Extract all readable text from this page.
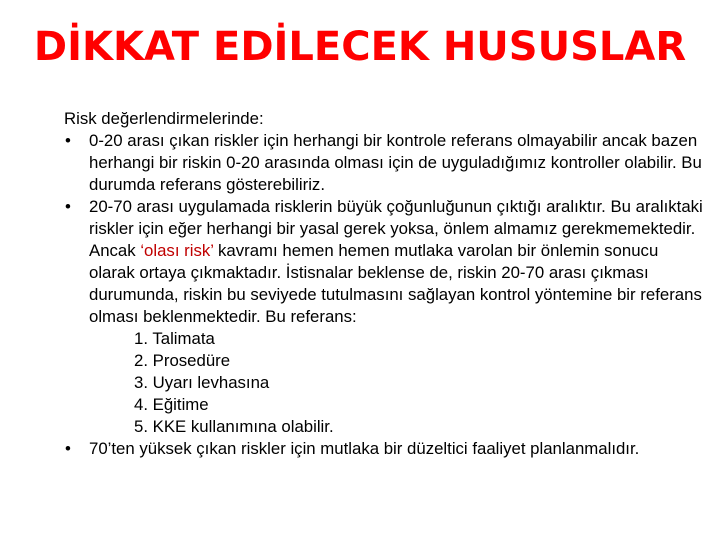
DİKKAT EDİLECEK HUSUSLAR

Risk değerlendirmelerinde:

•	0-20 arası çıkan riskler için herhangi bir kontrole referans olmayabilir ancak bazen herhangi bir riskin 0-20 arasında olması için de uyguladığımız kontroller olabilir. Bu durumda referans gösterebiliriz.
•	20-70 arası uygulamada risklerin büyük çoğunluğunun çıktığı aralıktır. Bu aralıktaki riskler için eğer herhangi bir yasal gerek yoksa, önlem almamız gerekmemektedir. Ancak ‘olası risk’ kavramı hemen hemen mutlaka varolan bir önlemin sonucu olarak ortaya çıkmaktadır. İstisnalar beklense de, riskin 20-70 arası çıkması durumunda, riskin bu seviyede tutulmasını sağlayan kontrol yöntemine bir referans olması beklenmektedir. Bu referans:
1. Talimata
2. Prosedüre
3. Uyarı levhasına
4. Eğitime
5. KKE kullanımına olabilir.
•	70’ten yüksek çıkan riskler için mutlaka bir düzeltici faaliyet planlanmalıdır.
